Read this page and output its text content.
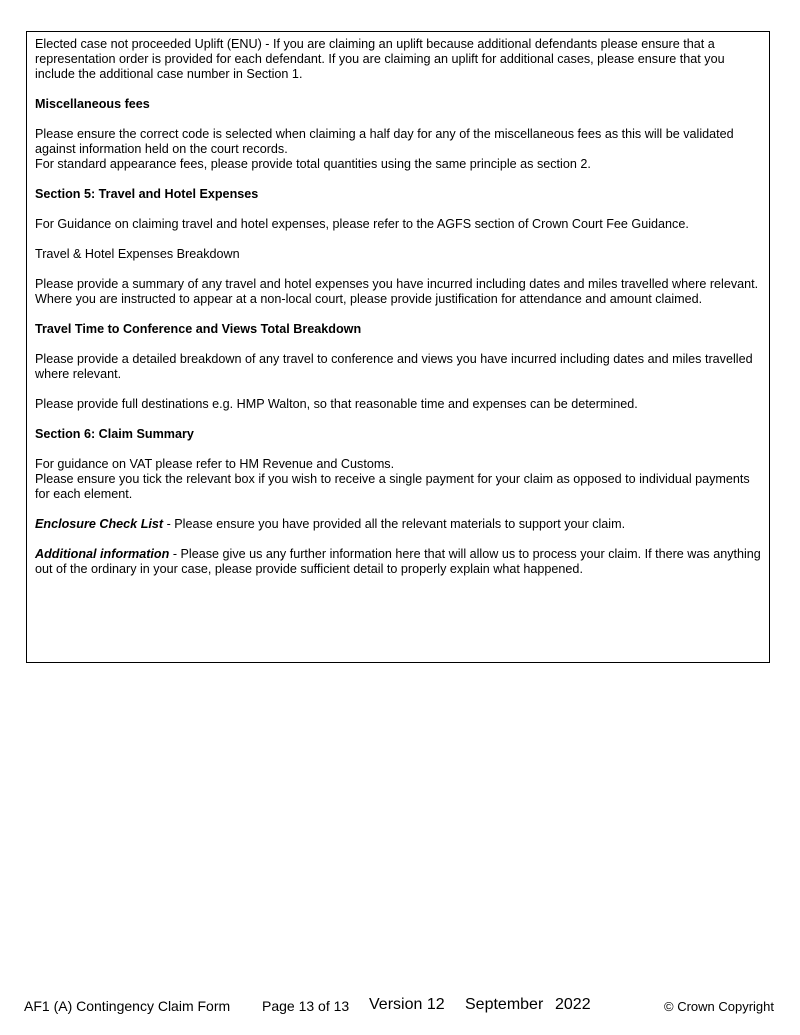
Elected case not proceeded Uplift (ENU) - If you are claiming an uplift because additional defendants please ensure that a representation order is provided for each defendant. If you are claiming an uplift for additional cases, please ensure that you include the additional case number in Section 1.

Miscellaneous fees

Please ensure the correct code is selected when claiming a half day for any of the miscellaneous fees as this will be validated against information held on the court records.

For standard appearance fees, please provide total quantities using the same principle as section 2.

Section 5: Travel and Hotel Expenses

For Guidance on claiming travel and hotel expenses, please refer to the AGFS section of Crown Court Fee Guidance.

Travel & Hotel Expenses Breakdown

Please provide a summary of any travel and hotel expenses you have incurred including dates and miles travelled where relevant. Where you are instructed to appear at a non-local court, please provide justification for attendance and amount claimed.

Travel Time to Conference and Views Total Breakdown

Please provide a detailed breakdown of any travel to conference and views you have incurred including dates and miles travelled where relevant.

Please provide full destinations e.g. HMP Walton, so that reasonable time and expenses can be determined.

Section 6: Claim Summary

For guidance on VAT please refer to HM Revenue and Customs.

Please ensure you tick the relevant box if you wish to receive a single payment for your claim as opposed to individual payments for each element.

Enclosure Check List - Please ensure you have provided all the relevant materials to support your claim.

Additional information - Please give us any further information here that will allow us to process your claim. If there was anything out of the ordinary in your case, please provide sufficient detail to properly explain what happened.

AF1 (A) Contingency Claim Form Page 13 of 13 Version 12 September 2022	© Crown Copyright
